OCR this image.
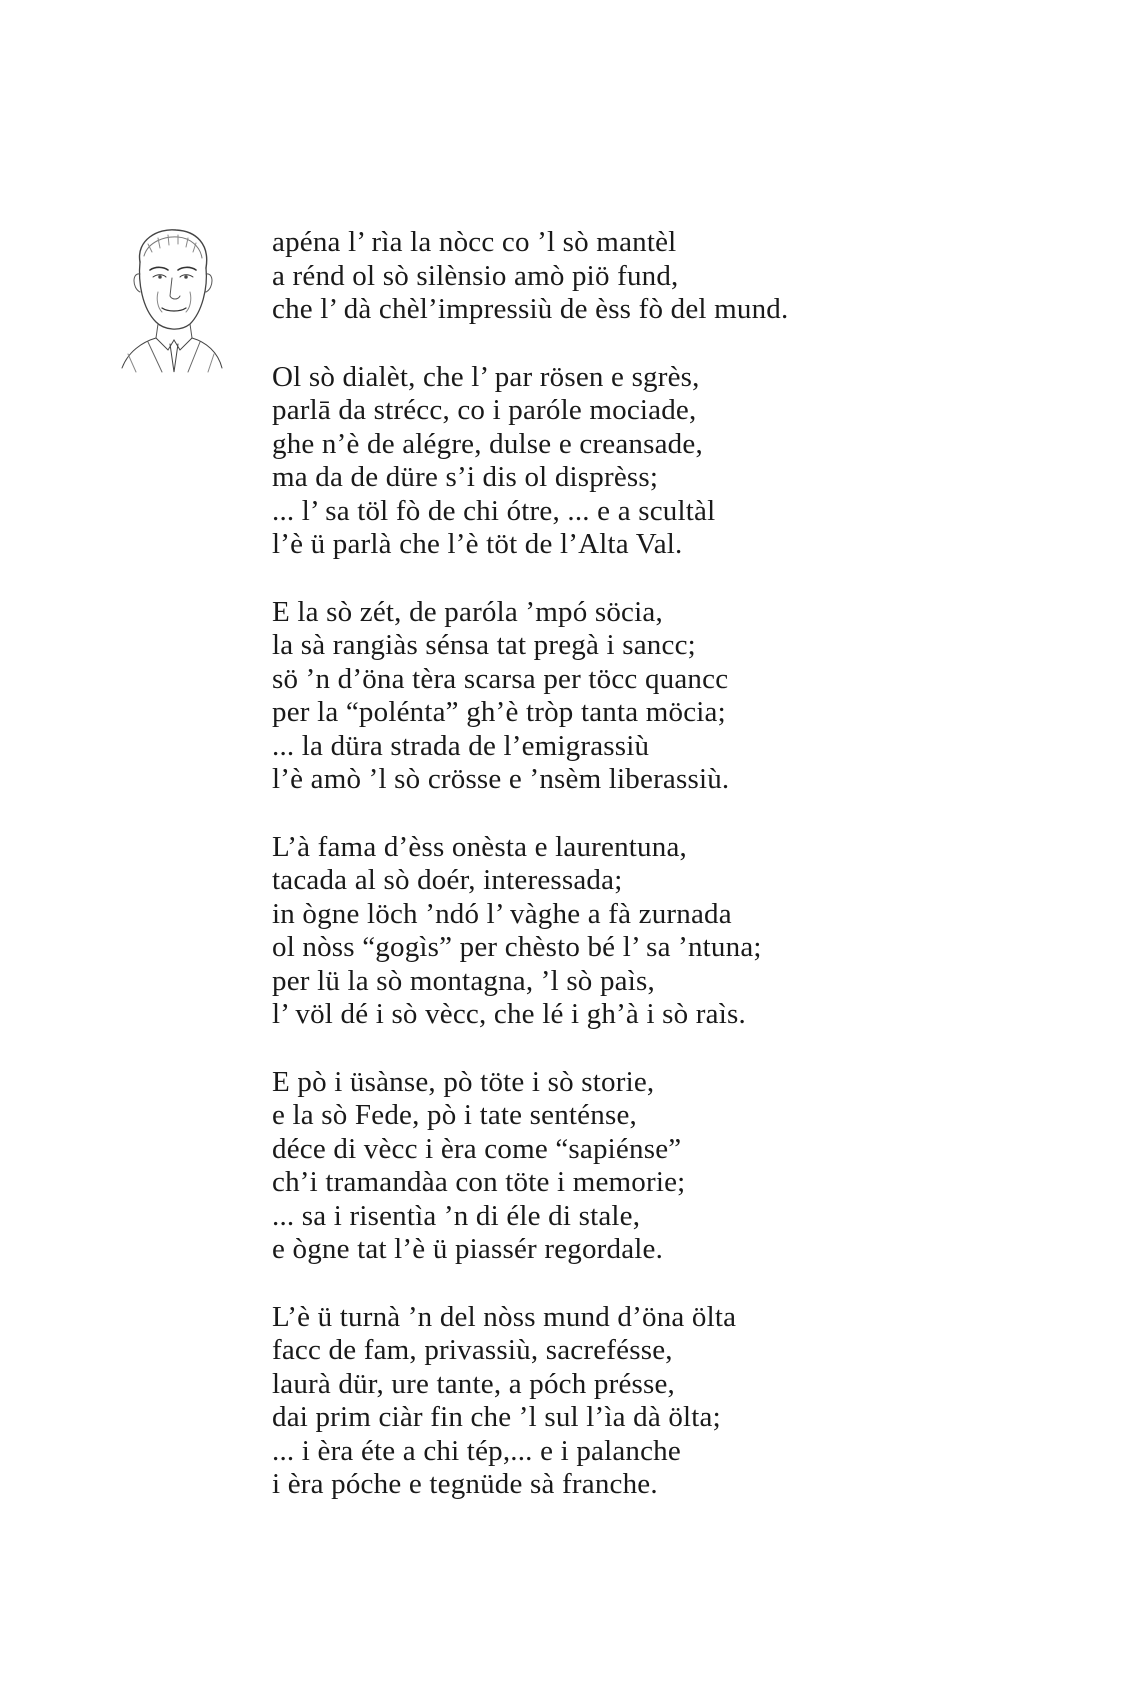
apéna l’ rìa la nòcc co ’l sò mantèl
a rénd ol sò silènsio amò piö fund,
che l’ dà chèl’impressiù de èss fò del mund.
Ol sò dialèt, che l’ par rösen e sgrès,
parlā da strécc, co i paróle mociade,
ghe n’è de alégre, dulse e creansade,
ma da de düre s’i dis ol disprèss;
... l’ sa töl fò de chi ótre, ... e a scultàl
l’è ü parlà che l’è töt de l’Alta Val.
E la sò zét, de paróla ’mpó söcia,
la sà rangiàs sénsa tat pregà i sancc;
sö ’n d’öna tèra scarsa per töcc quancc
per la “polénta” gh’è tròp tanta möcia;
... la düra strada de l’emigrassiù
l’è amò ’l sò crösse e ’nsèm liberassiù.
L’à fama d’èss onèsta e laurentuna,
tacada al sò doér, interessada;
in ògne löch ’ndó l’ vàghe a fà zurnada
ol nòss “gogìs” per chèsto bé l’ sa ’ntuna;
per lü la sò montagna, ’l sò paìs,
l’ völ dé i sò vècc, che lé i gh’à i sò raìs.
E pò i üsànse, pò töte i sò storie,
e la sò Fede, pò i tate senténse,
déce di vècc i èra come “sapiénse”
ch’i tramandàa con töte i memorie;
... sa i risentìa ’n di éle di stale,
e ògne tat l’è ü piassér regordale.
L’è ü turnà ’n del nòss mund d’öna ölta
facc de fam, privassiù, sacrefésse,
laurà dür, ure tante, a póch présse,
dai prim ciàr fin che ’l sul l’ìa dà ölta;
... i èra éte a chi tép,... e i palanche
i èra póche e tegnüde sà franche.
